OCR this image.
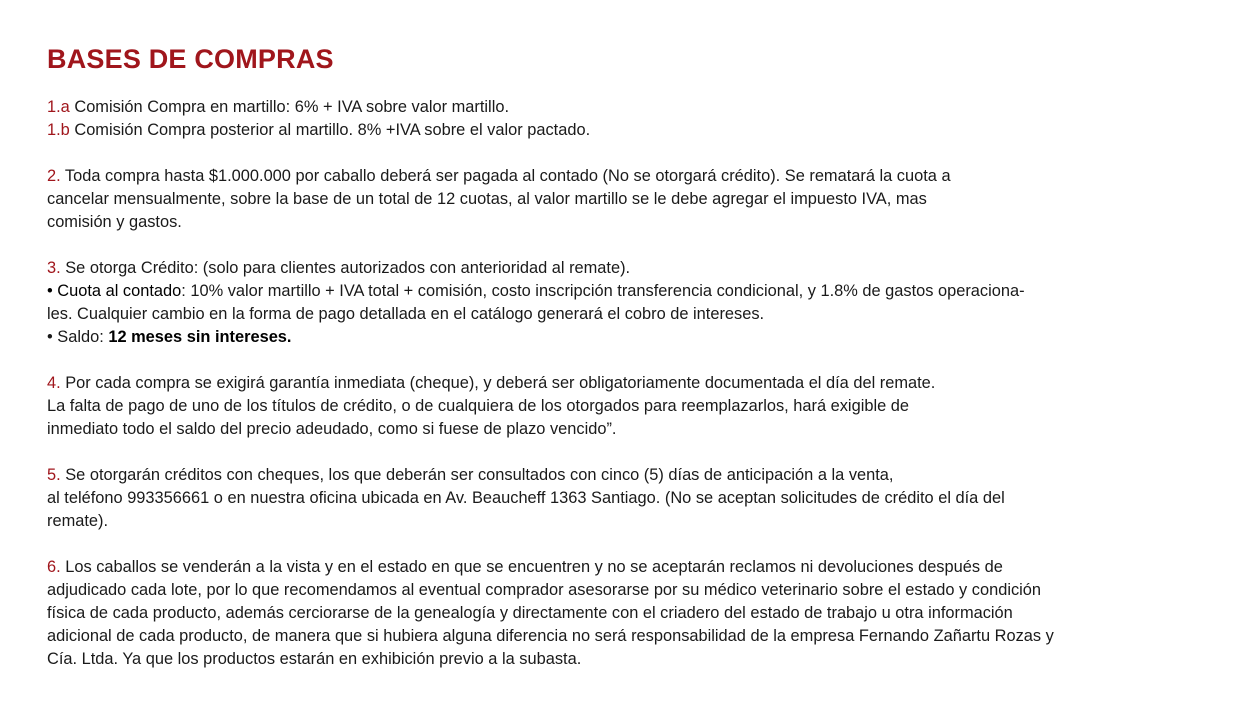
BASES DE COMPRAS
1.a Comisión Compra en martillo: 6% + IVA sobre valor martillo.
1.b Comisión Compra posterior al martillo. 8% +IVA sobre el valor pactado.
2. Toda compra hasta $1.000.000 por caballo deberá ser pagada al contado (No se otorgará crédito). Se rematará la cuota a
cancelar mensualmente, sobre la base de un total de 12 cuotas, al valor martillo se le debe agregar el impuesto IVA, mas
comisión y gastos.
3. Se otorga Crédito: (solo para clientes autorizados con anterioridad al remate).
• Cuota al contado: 10% valor martillo + IVA total + comisión, costo inscripción transferencia condicional, y 1.8% de gastos operaciona-
les. Cualquier cambio en la forma de pago detallada en el catálogo generará el cobro de intereses.
• Saldo: 12 meses sin intereses.
4. Por cada compra se exigirá garantía inmediata (cheque), y deberá ser obligatoriamente documentada el día del remate.
La falta de pago de uno de los títulos de crédito, o de cualquiera de los otorgados para reemplazarlos, hará exigible de
inmediato todo el saldo del precio adeudado, como si fuese de plazo vencido”.
5. Se otorgarán créditos con cheques, los que deberán ser consultados con cinco (5) días de anticipación a la venta,
al teléfono 993356661 o en nuestra oficina ubicada en Av. Beaucheff 1363 Santiago. (No se aceptan solicitudes de crédito el día del
remate).
6. Los caballos se venderán a la vista y en el estado en que se encuentren y no se aceptarán reclamos ni devoluciones después de
adjudicado cada lote, por lo que recomendamos al eventual comprador asesorarse por su médico veterinario sobre el estado y condición
física de cada producto, además cerciorarse de la genealogía y directamente con el criadero del estado de trabajo u otra información
adicional de cada producto, de manera que si hubiera alguna diferencia no será responsabilidad de la empresa Fernando Zañartu Rozas y
Cía. Ltda. Ya que los productos estarán en exhibición previo a la subasta.
